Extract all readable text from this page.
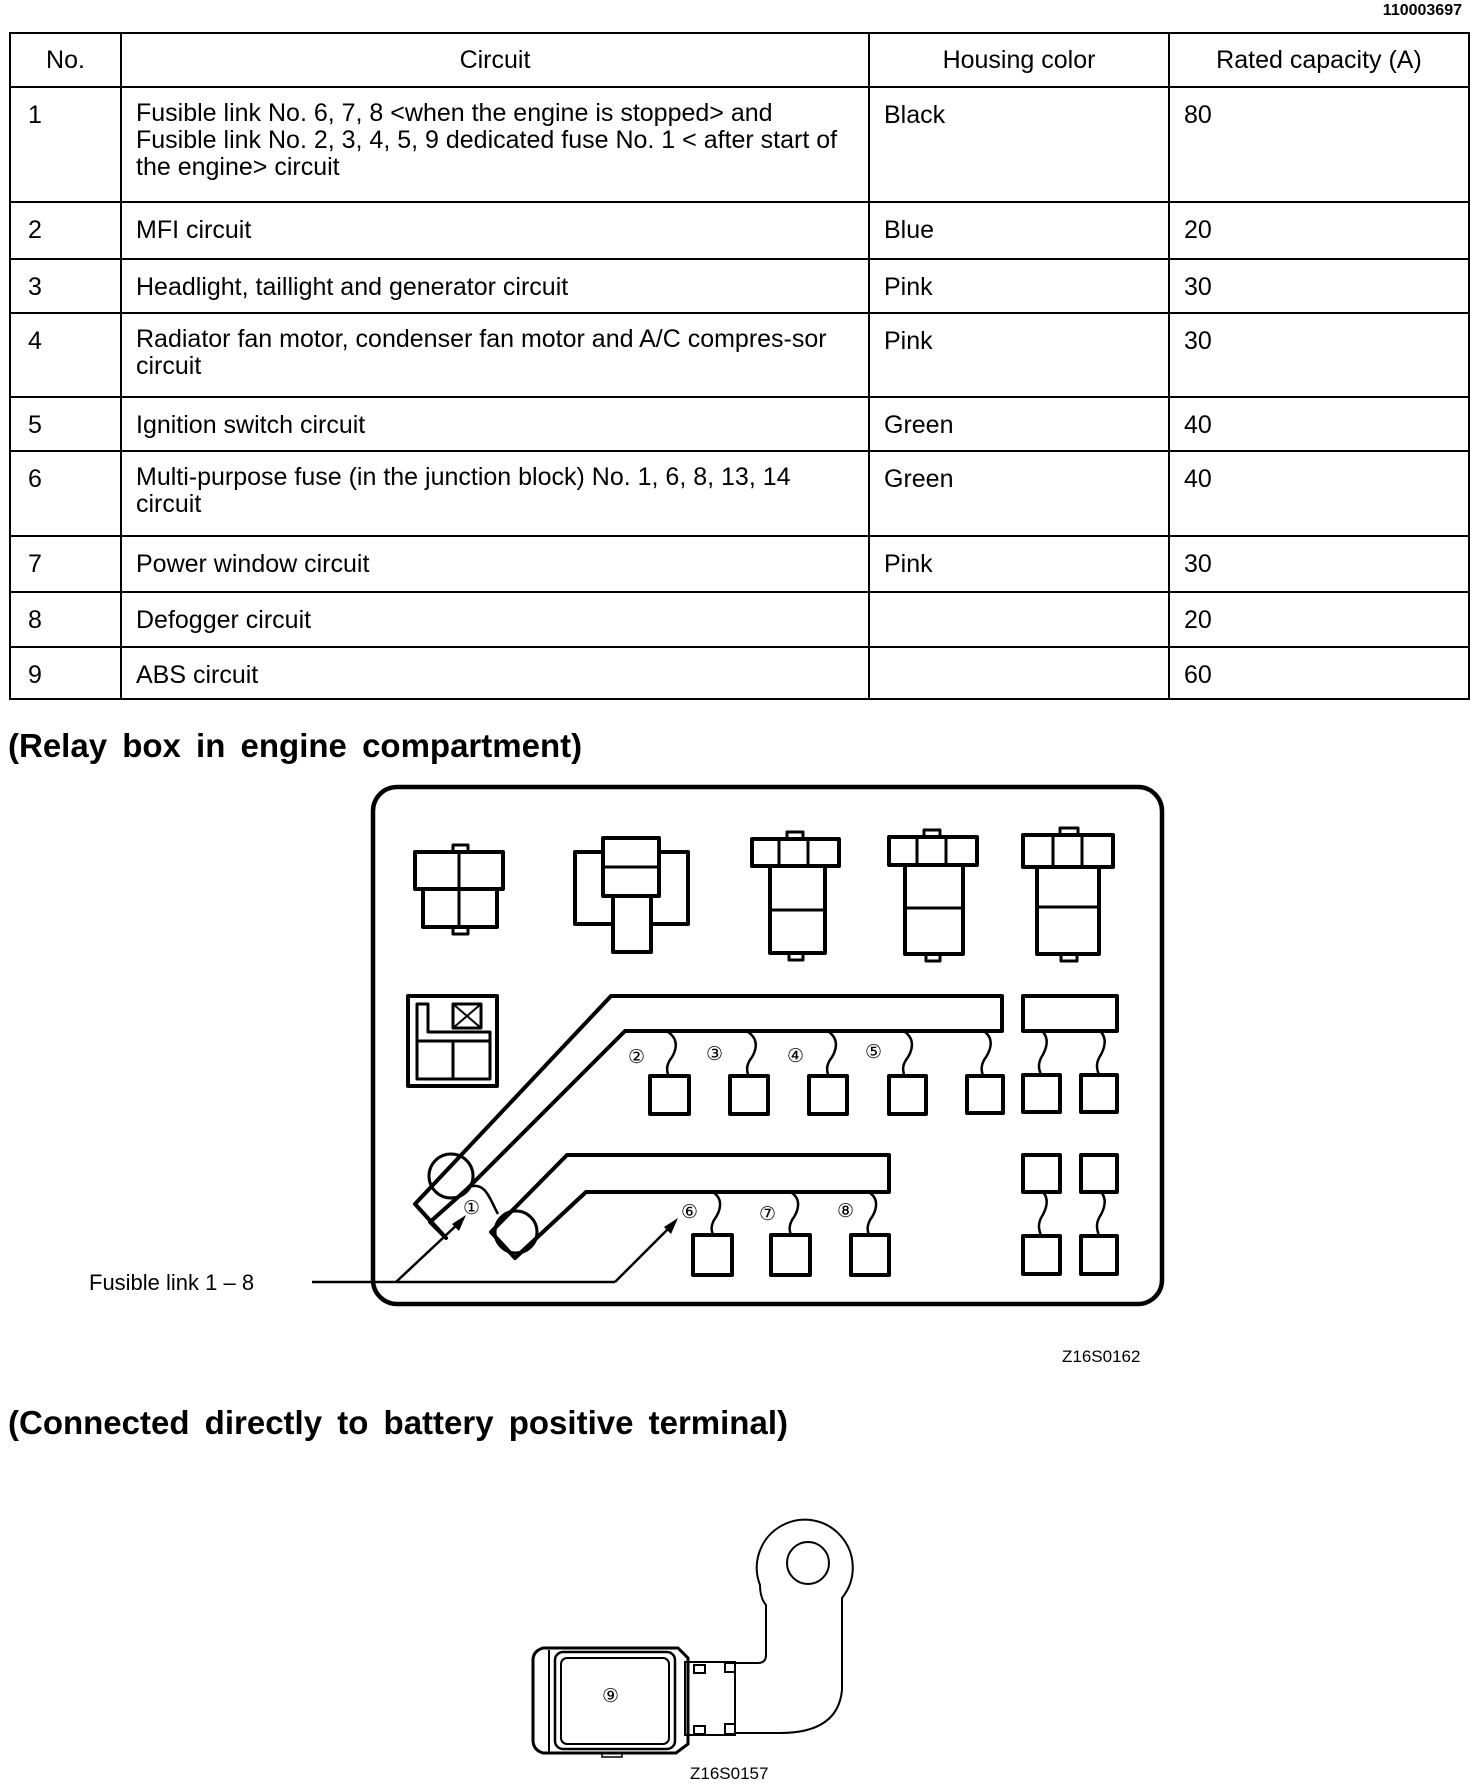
110003697
No.	Circuit	Housing color	Rated capacity (A)
1	Fusible link No. 6, 7, 8 <when the engine is stopped> and Fusible link No. 2, 3, 4, 5, 9 dedicated fuse No. 1 < after start of the engine> circuit	Black	80
2	MFI circuit	Blue	20
3	Headlight, taillight and generator circuit	Pink	30
4	Radiator fan motor, condenser fan motor and A/C compres-sor circuit	Pink	30
5	Ignition switch circuit	Green	40
6	Multi-purpose fuse (in the junction block) No. 1, 6, 8, 13, 14 circuit	Green	40
7	Power window circuit	Pink	30
8	Defogger circuit		20
9	ABS circuit		60
(Relay box in engine compartment)
①
②	③	④	⑤
⑥	⑦	⑧
Fusible link 1 – 8
Z16S0162
(Connected directly to battery positive terminal)
⑨
Z16S0157
